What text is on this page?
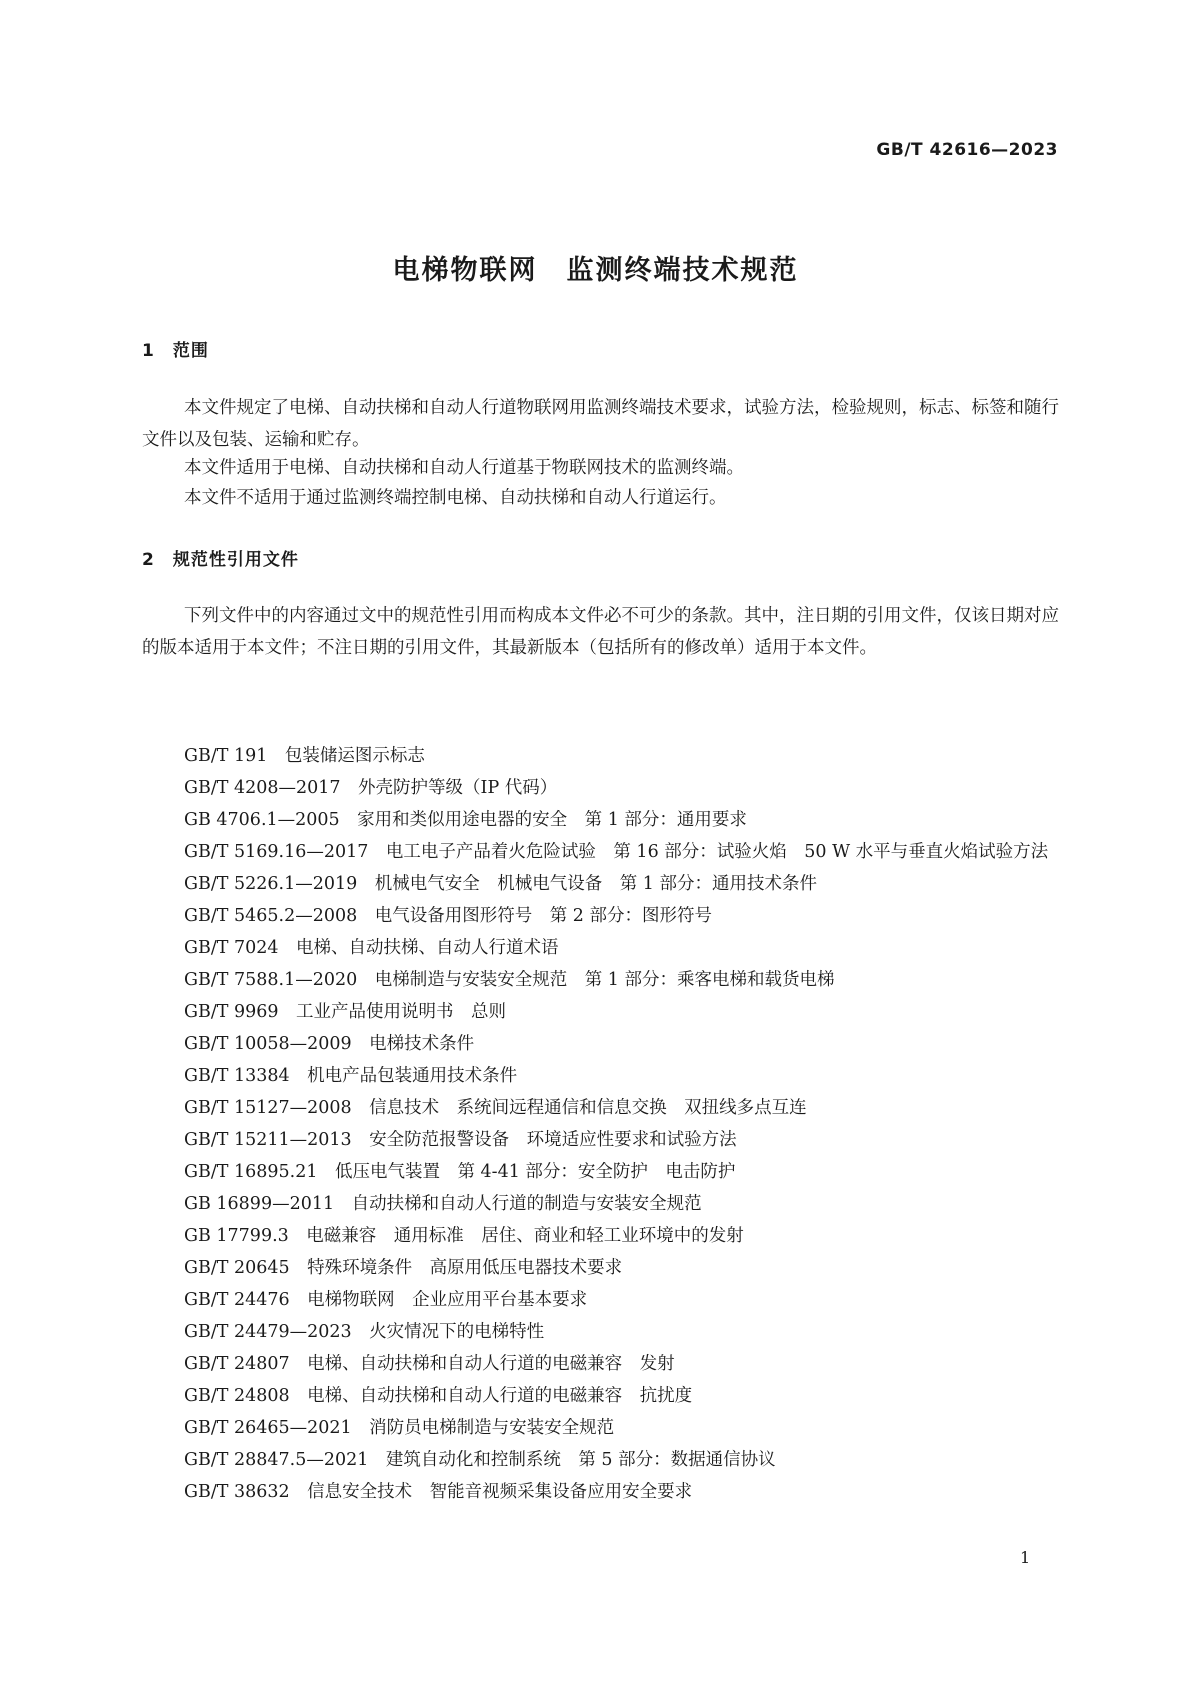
GB/T 42616—2023
电梯物联网　监测终端技术规范
1　范围

本文件规定了电梯、自动扶梯和自动人行道物联网用监测终端技术要求，试验方法，检验规则，标志、标签和随行文件以及包装、运输和贮存。

本文件适用于电梯、自动扶梯和自动人行道基于物联网技术的监测终端。

本文件不适用于通过监测终端控制电梯、自动扶梯和自动人行道运行。

2　规范性引用文件

下列文件中的内容通过文中的规范性引用而构成本文件必不可少的条款。其中，注日期的引用文件，仅该日期对应的版本适用于本文件；不注日期的引用文件，其最新版本（包括所有的修改单）适用于本文件。

GB/T 191　包装储运图示标志
GB/T 4208—2017　外壳防护等级（IP 代码）
GB 4706.1—2005　家用和类似用途电器的安全　第 1 部分：通用要求
GB/T 5169.16—2017　电工电子产品着火危险试验　第 16 部分：试验火焰　50 W 水平与垂直火焰试验方法
GB/T 5226.1—2019　机械电气安全　机械电气设备　第 1 部分：通用技术条件
GB/T 5465.2—2008　电气设备用图形符号　第 2 部分：图形符号
GB/T 7024　电梯、自动扶梯、自动人行道术语
GB/T 7588.1—2020　电梯制造与安装安全规范　第 1 部分：乘客电梯和载货电梯
GB/T 9969　工业产品使用说明书　总则
GB/T 10058—2009　电梯技术条件
GB/T 13384　机电产品包装通用技术条件
GB/T 15127—2008　信息技术　系统间远程通信和信息交换　双扭线多点互连
GB/T 15211—2013　安全防范报警设备　环境适应性要求和试验方法
GB/T 16895.21　低压电气装置　第 4-41 部分：安全防护　电击防护
GB 16899—2011　自动扶梯和自动人行道的制造与安装安全规范
GB 17799.3　电磁兼容　通用标准　居住、商业和轻工业环境中的发射
GB/T 20645　特殊环境条件　高原用低压电器技术要求
GB/T 24476　电梯物联网　企业应用平台基本要求
GB/T 24479—2023　火灾情况下的电梯特性
GB/T 24807　电梯、自动扶梯和自动人行道的电磁兼容　发射
GB/T 24808　电梯、自动扶梯和自动人行道的电磁兼容　抗扰度
GB/T 26465—2021　消防员电梯制造与安装安全规范
GB/T 28847.5—2021　建筑自动化和控制系统　第 5 部分：数据通信协议
GB/T 38632　信息安全技术　智能音视频采集设备应用安全要求
1
